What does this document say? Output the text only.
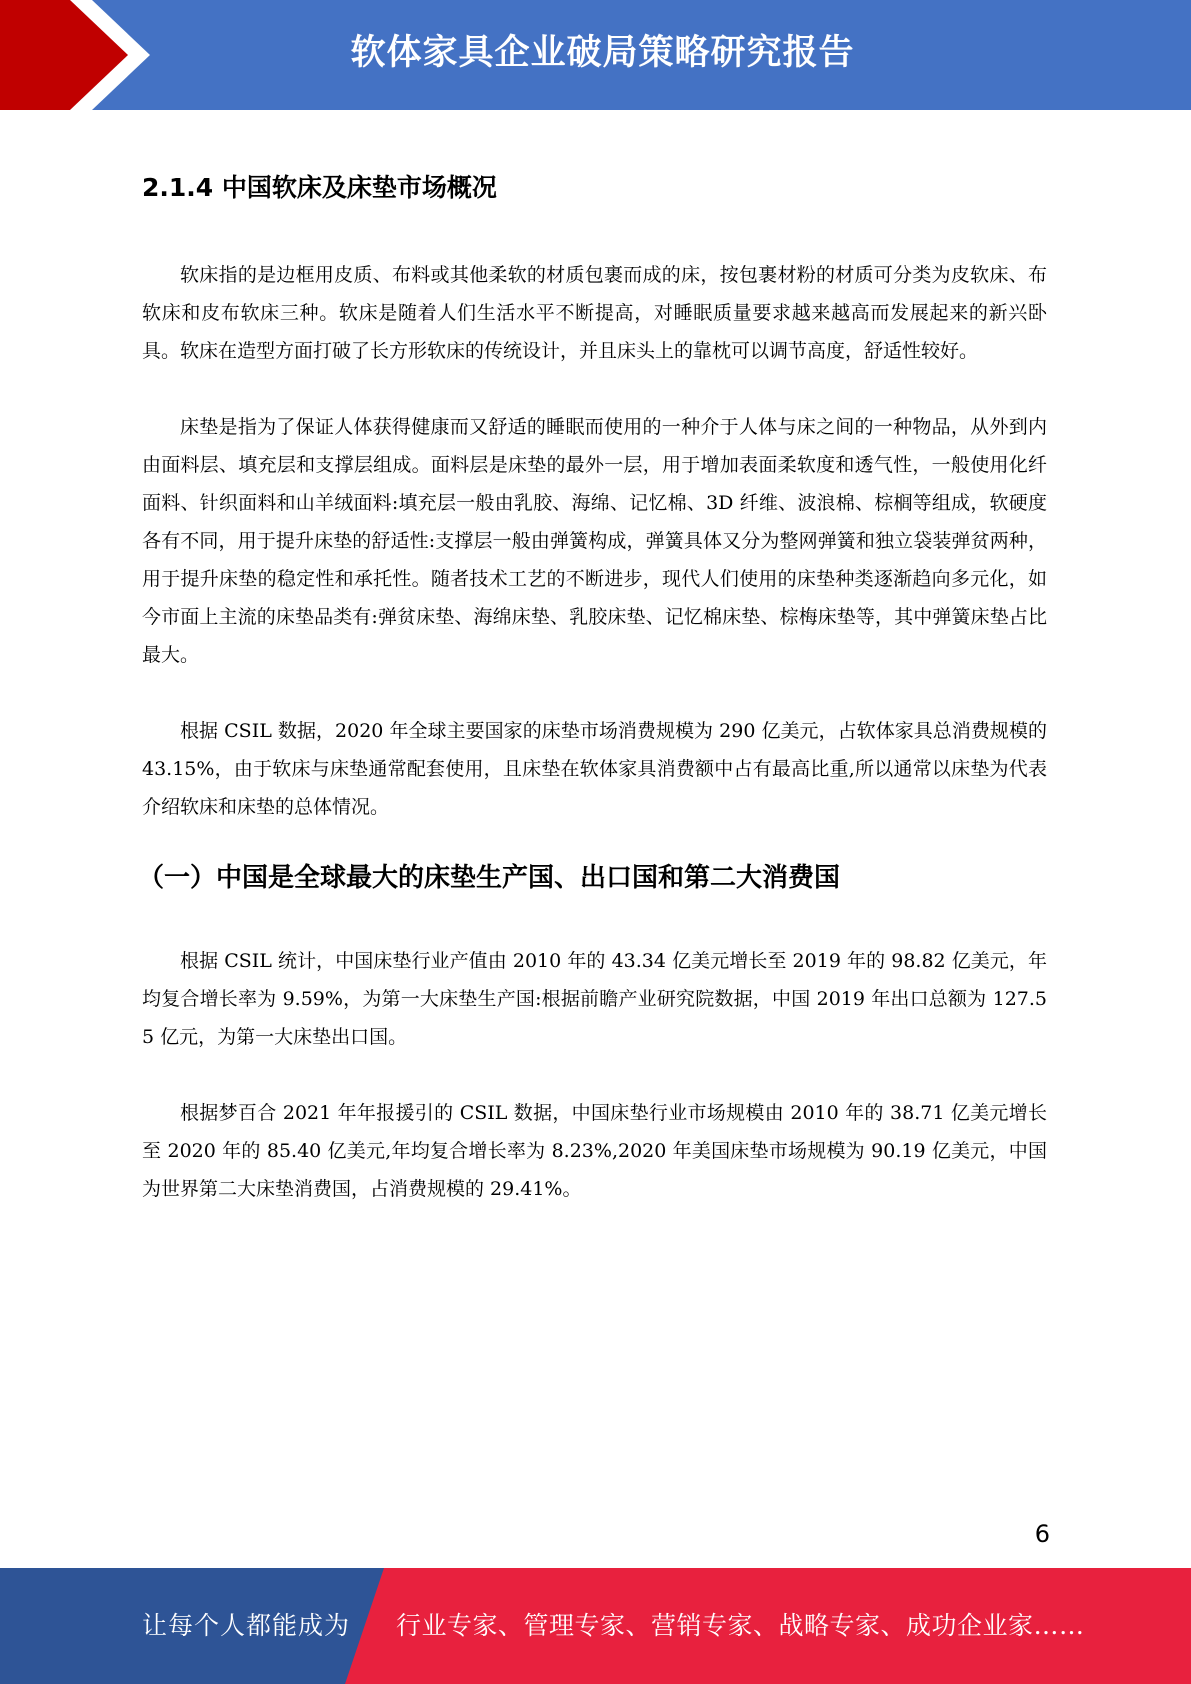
软体家具企业破局策略研究报告
2.1.4 中国软床及床垫市场概况

软床指的是边框用皮质、布料或其他柔软的材质包裹而成的床，按包裹材粉的材质可分类为皮软床、布软床和皮布软床三种。软床是随着人们生活水平不断提高，对睡眠质量要求越来越高而发展起来的新兴卧具。软床在造型方面打破了长方形软床的传统设计，并且床头上的靠枕可以调节高度，舒适性较好。

床垫是指为了保证人体获得健康而又舒适的睡眠而使用的一种介于人体与床之间的一种物品，从外到内由面料层、填充层和支撑层组成。面料层是床垫的最外一层，用于增加表面柔软度和透气性，一般使用化纤面料、针织面料和山羊绒面料:填充层一般由乳胶、海绵、记忆棉、3D 纤维、波浪棉、棕榈等组成，软硬度各有不同，用于提升床垫的舒适性:支撑层一般由弹簧构成，弹簧具体又分为整网弹簧和独立袋装弹贫两种，用于提升床垫的稳定性和承托性。随者技术工艺的不断进步，现代人们使用的床垫种类逐渐趋向多元化，如今市面上主流的床垫品类有:弹贫床垫、海绵床垫、乳胶床垫、记忆棉床垫、棕梅床垫等，其中弹簧床垫占比最大。

根据 CSIL 数据，2020 年全球主要国家的床垫市场消费规模为 290 亿美元，占软体家具总消费规模的 43.15%，由于软床与床垫通常配套使用，且床垫在软体家具消费额中占有最高比重,所以通常以床垫为代表介绍软床和床垫的总体情况。

（一）中国是全球最大的床垫生产国、出口国和第二大消费国

根据 CSIL 统计，中国床垫行业产值由 2010 年的 43.34 亿美元增长至 2019 年的 98.82 亿美元，年均复合增长率为 9.59%，为第一大床垫生产国:根据前瞻产业研究院数据，中国 2019 年出口总额为 127.55 亿元，为第一大床垫出口国。

根据梦百合 2021 年年报援引的 CSIL 数据，中国床垫行业市场规模由 2010 年的 38.71 亿美元增长至 2020 年的 85.40 亿美元,年均复合增长率为 8.23%,2020 年美国床垫市场规模为 90.19 亿美元，中国为世界第二大床垫消费国，占消费规模的 29.41%。

6
让每个人都能成为 行业专家、管理专家、营销专家、战略专家、成功企业家……
